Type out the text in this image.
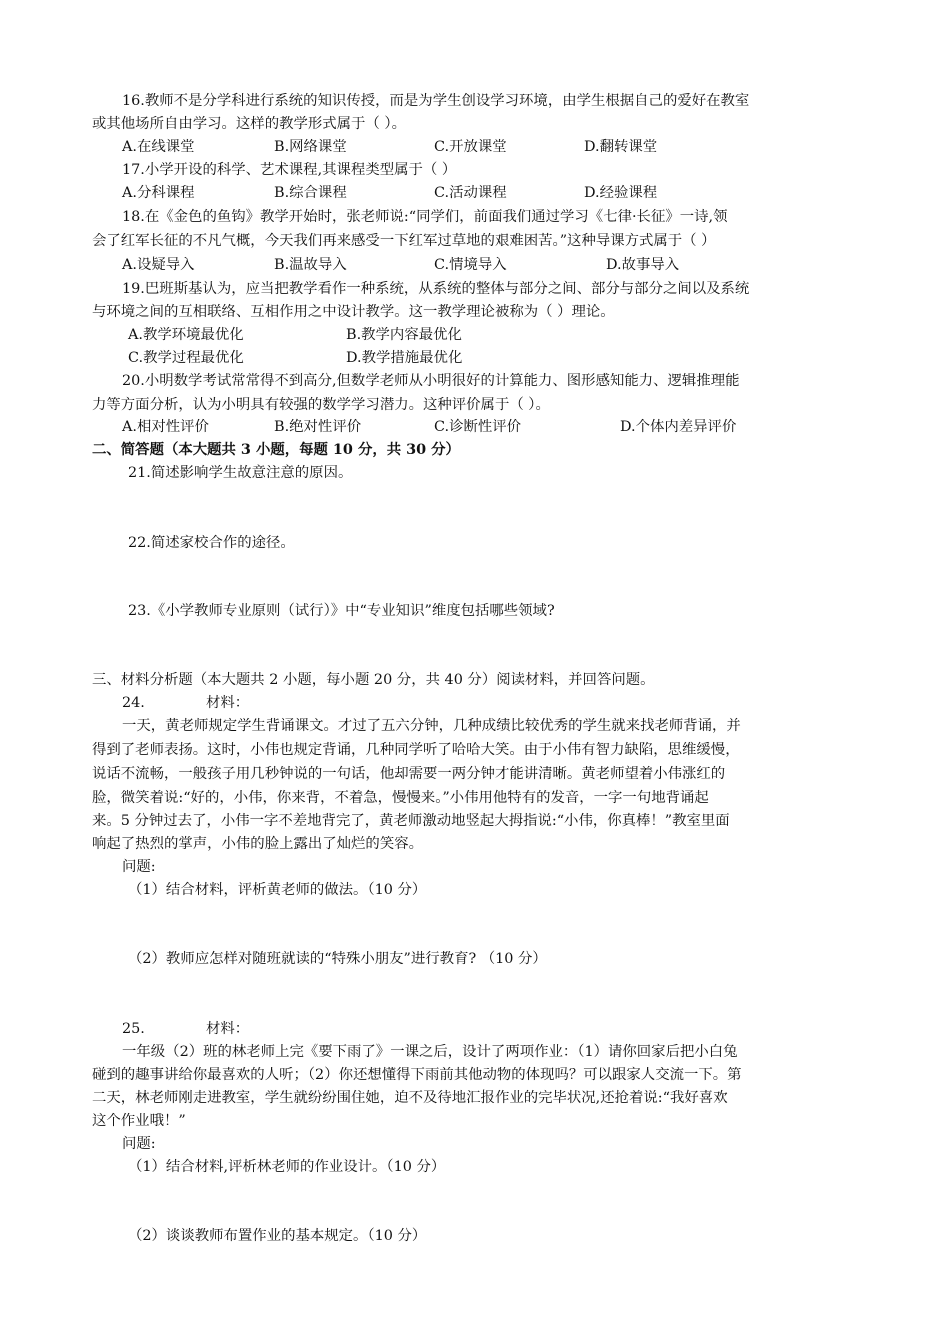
16.教师不是分学科进行系统的知识传授，而是为学生创设学习环境，由学生根据自己的爱好在教室
或其他场所自由学习。这样的教学形式属于（ ）。
A.在线课堂	B.网络课堂	C.开放课堂	D.翻转课堂
17.小学开设的科学、艺术课程,其课程类型属于（ ）
A.分科课程	B.综合课程	C.活动课程	D.经验课程
18.在《金色的鱼钩》教学开始时，张老师说:“同学们，前面我们通过学习《七律·长征》一诗,领
会了红军长征的不凡气概，今天我们再来感受一下红军过草地的艰难困苦。”这种导课方式属于（ ）
A.设疑导入	B.温故导入	C.情境导入	D.故事导入
19.巴班斯基认为，应当把教学看作一种系统，从系统的整体与部分之间、部分与部分之间以及系统
与环境之间的互相联络、互相作用之中设计教学。这一教学理论被称为（ ）理论。
A.教学环境最优化	B.教学内容最优化
C.教学过程最优化	D.教学措施最优化
20.小明数学考试常常得不到高分,但数学老师从小明很好的计算能力、图形感知能力、逻辑推理能
力等方面分析，认为小明具有较强的数学学习潜力。这种评价属于（ ）。
A.相对性评价	B.绝对性评价	C.诊断性评价	D.个体内差异评价
二、简答题（本大题共 3 小题，每题 10 分，共 30 分）
21.简述影响学生故意注意的原因。
22.简述家校合作的途径。
23.《小学教师专业原则（试行）》中“专业知识”维度包括哪些领域?
三、材料分析题（本大题共 2 小题，每小题 20 分，共 40 分）阅读材料，并回答问题。
24.	材料：
一天，黄老师规定学生背诵课文。才过了五六分钟，几种成绩比较优秀的学生就来找老师背诵，并
得到了老师表扬。这时，小伟也规定背诵，几种同学听了哈哈大笑。由于小伟有智力缺陷，思维缓慢，
说话不流畅，一般孩子用几秒钟说的一句话，他却需要一两分钟才能讲清晰。黄老师望着小伟涨红的
脸，微笑着说:“好的，小伟，你来背，不着急，慢慢来。”小伟用他特有的发音，一字一句地背诵起
来。5 分钟过去了，小伟一字不差地背完了，黄老师激动地竖起大拇指说:“小伟，你真棒！”教室里面
响起了热烈的掌声，小伟的脸上露出了灿烂的笑容。
问题:
（1）结合材料，评析黄老师的做法。（10 分）
（2）教师应怎样对随班就读的“特殊小朋友”进行教育? （10 分）
25.	材料：
一年级（2）班的林老师上完《要下雨了》一课之后，设计了两项作业：（1）请你回家后把小白兔
碰到的趣事讲给你最喜欢的人听；（2）你还想懂得下雨前其他动物的体现吗？可以跟家人交流一下。第
二天，林老师刚走进教室，学生就纷纷围住她，迫不及待地汇报作业的完毕状况,还抢着说:“我好喜欢
这个作业哦！”
问题:
（1）结合材料,评析林老师的作业设计。（10 分）
（2）谈谈教师布置作业的基本规定。（10 分）
